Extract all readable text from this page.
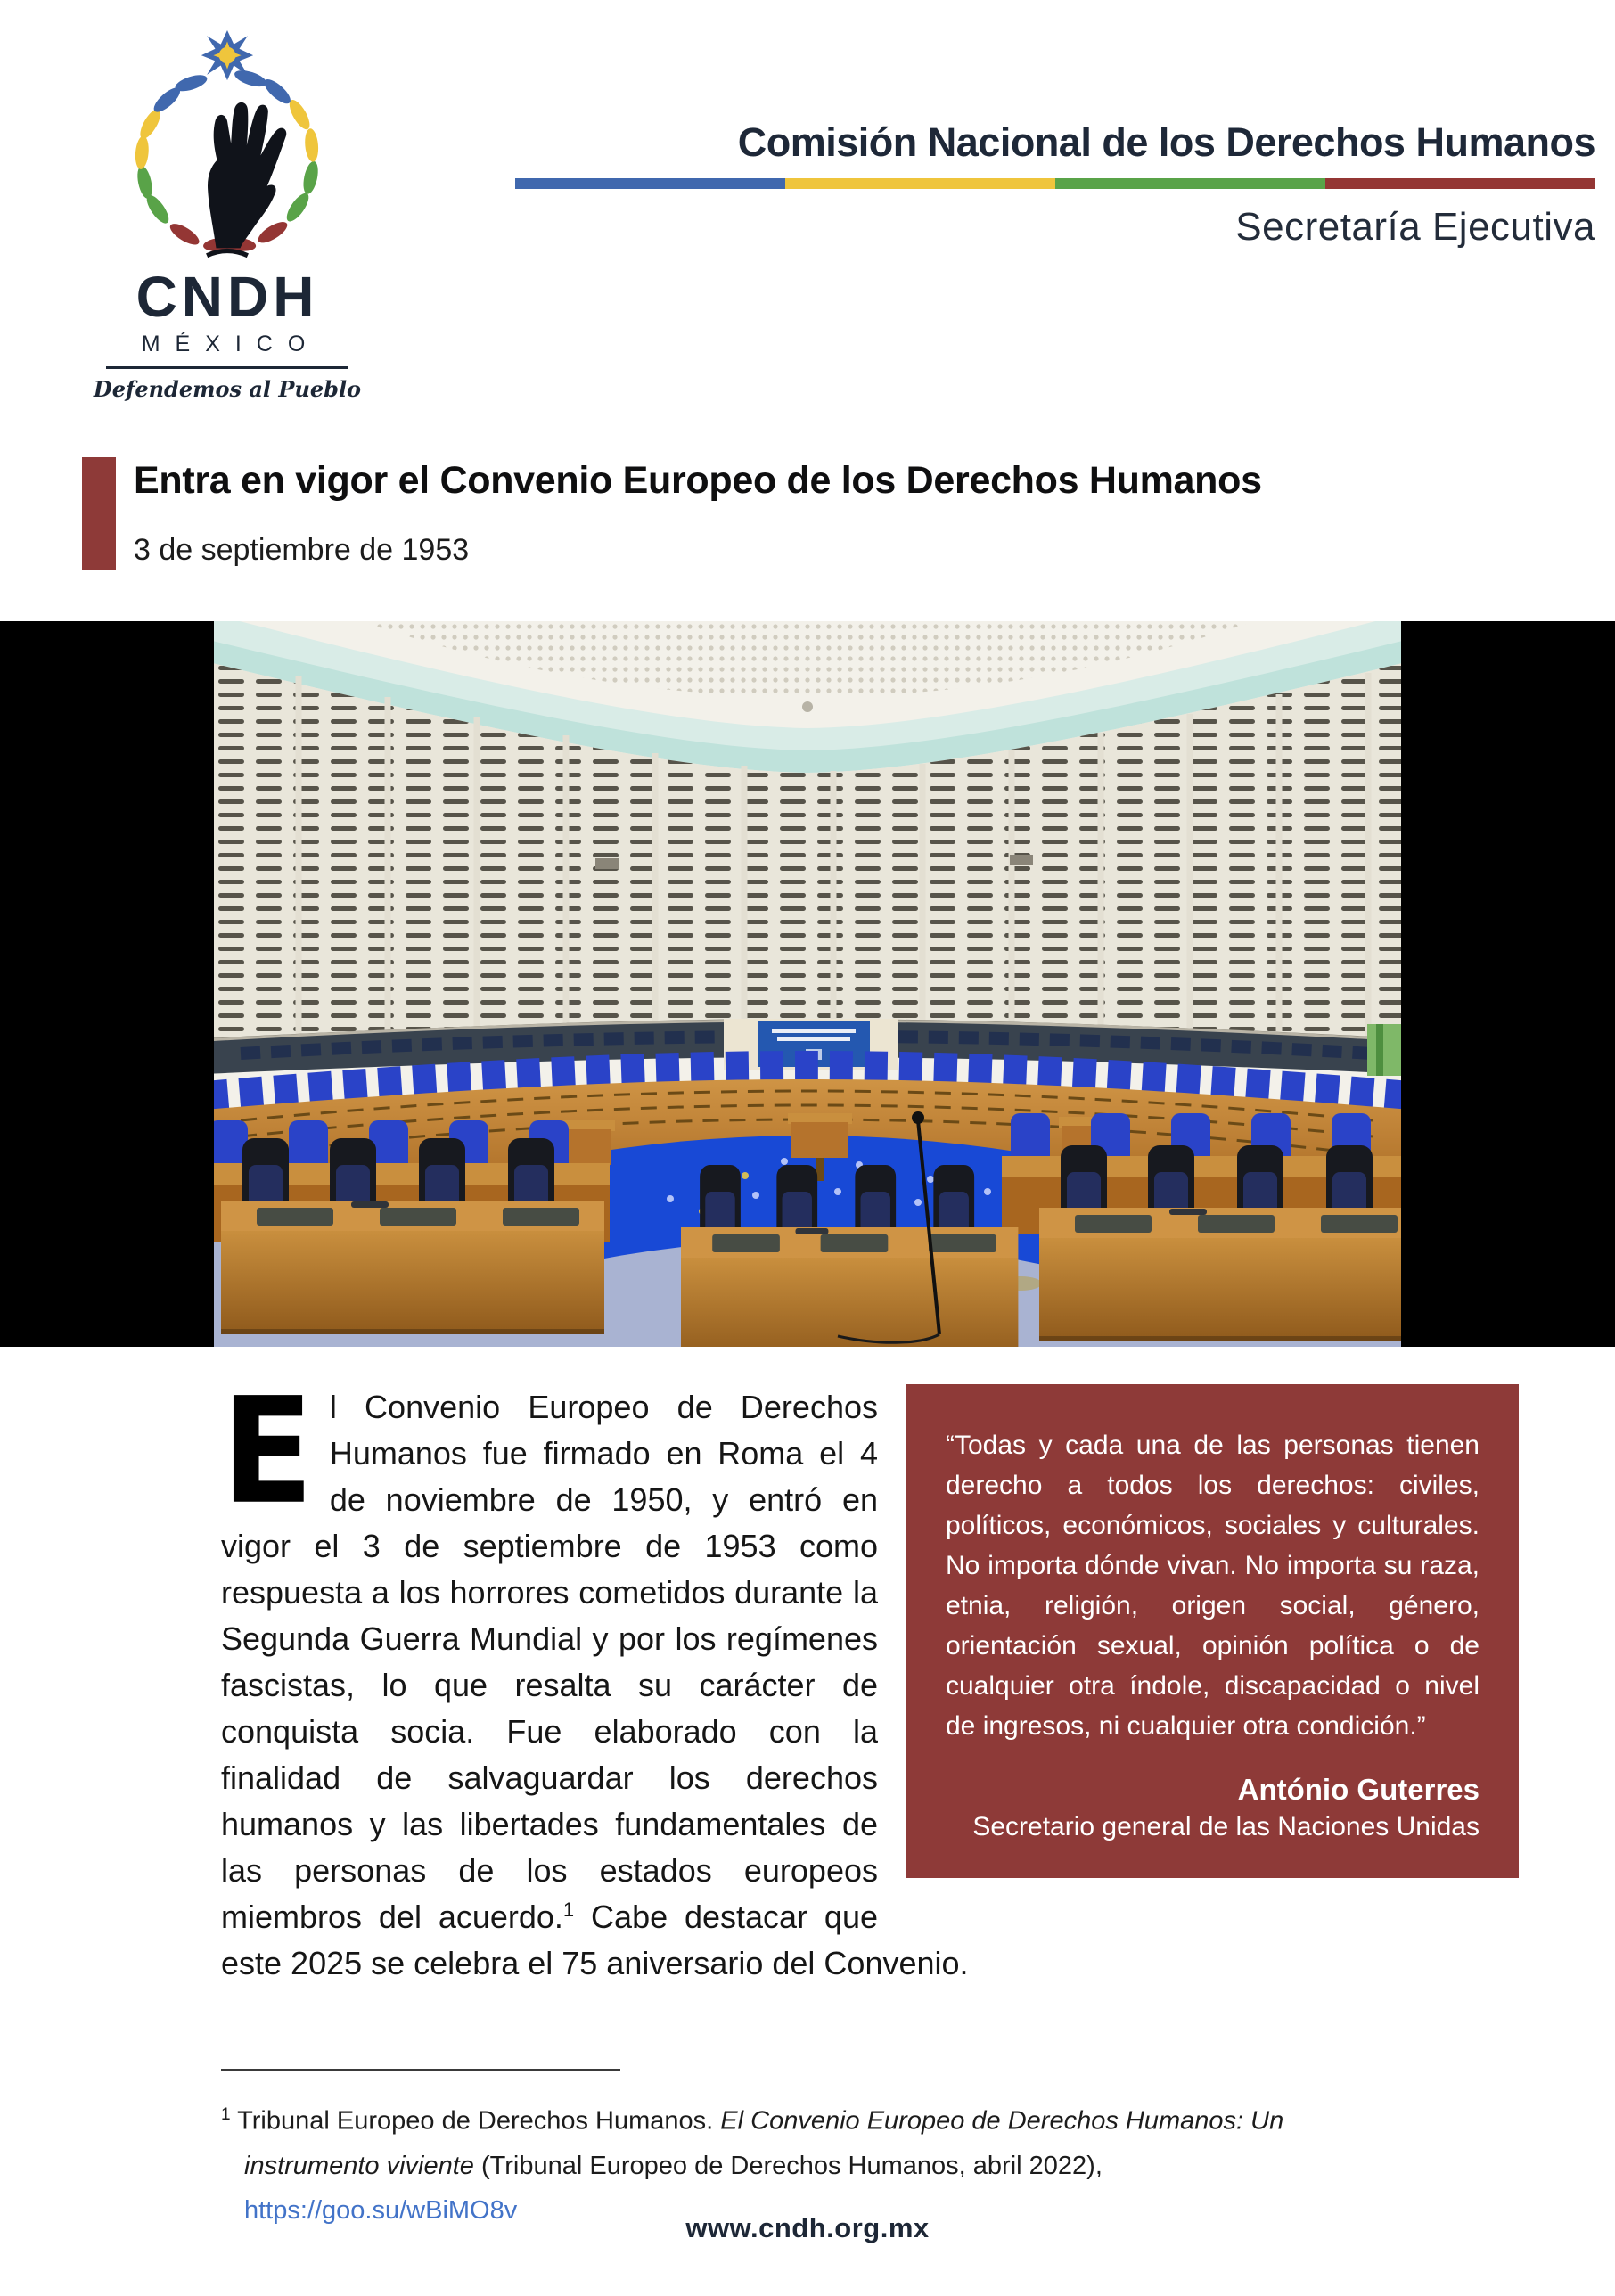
CNDH
MÉXICO
Defendemos al Pueblo
Comisión Nacional de los Derechos Humanos
Secretaría Ejecutiva
Entra en vigor el Convenio Europeo de los Derechos Humanos
3 de septiembre de 1953

“Todas y cada una de las personas tienen derecho a todos los derechos: civiles, políticos, económicos, sociales y culturales. No importa dónde vivan. No importa su raza, etnia, religión, origen social, género, orientación sexual, opinión política o de cualquier otra índole, discapacidad o nivel de ingresos, ni cualquier otra condición.”

António Guterres

Secretario general de las Naciones Unidas

El Convenio Europeo de Derechos Humanos fue firmado en Roma el 4 de noviembre de 1950, y entró en vigor el 3 de septiembre de 1953 como respuesta a los horrores cometidos durante la Segunda Guerra Mundial y por los regímenes fascistas, lo que resalta su carácter de conquista socia. Fue elaborado con la finalidad de salvaguardar los derechos humanos y las libertades fundamentales de las personas de los estados europeos miembros del acuerdo.$^1$ Cabe destacar que este 2025 se celebra el 75 aniversario del Convenio.

$^1$ Tribunal Europeo de Derechos Humanos. El Convenio Europeo de Derechos Humanos: Un instrumento viviente (Tribunal Europeo de Derechos Humanos, abril 2022),
https://goo.su/wBiMO8v

www.cndh.org.mx
